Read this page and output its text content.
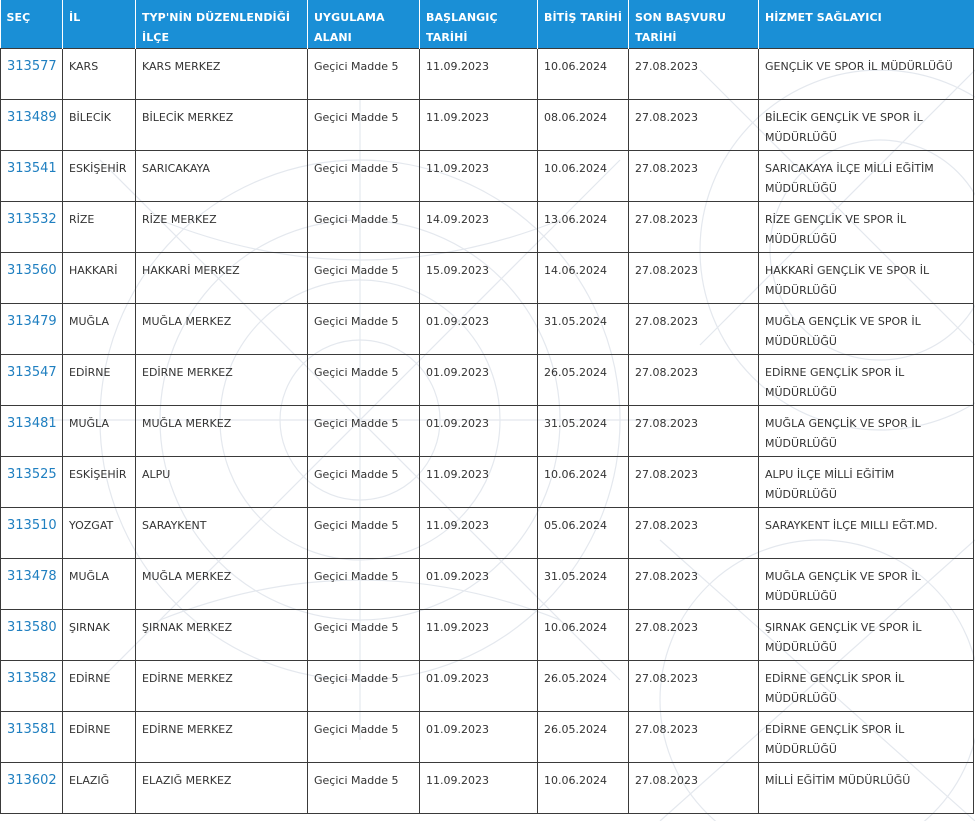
SEÇ	İL	TYP'NİN DÜZENLENDİĞİ İLÇE	UYGULAMA ALANI	BAŞLANGIÇ TARİHİ	BİTİŞ TARİHİ	SON BAŞVURU TARİHİ	HİZMET SAĞLAYICI
313577	KARS	KARS MERKEZ	Geçici Madde 5	11.09.2023	10.06.2024	27.08.2023	GENÇLİK VE SPOR İL MÜDÜRLÜĞÜ
313489	BİLECİK	BİLECİK MERKEZ	Geçici Madde 5	11.09.2023	08.06.2024	27.08.2023	BİLECİK GENÇLİK VE SPOR İL MÜDÜRLÜĞÜ
313541	ESKİŞEHİR	SARICAKAYA	Geçici Madde 5	11.09.2023	10.06.2024	27.08.2023	SARICAKAYA İLÇE MİLLİ EĞİTİM MÜDÜRLÜĞÜ
313532	RİZE	RİZE MERKEZ	Geçici Madde 5	14.09.2023	13.06.2024	27.08.2023	RİZE GENÇLİK VE SPOR İL MÜDÜRLÜĞÜ
313560	HAKKARİ	HAKKARİ MERKEZ	Geçici Madde 5	15.09.2023	14.06.2024	27.08.2023	HAKKARİ GENÇLİK VE SPOR İL MÜDÜRLÜĞÜ
313479	MUĞLA	MUĞLA MERKEZ	Geçici Madde 5	01.09.2023	31.05.2024	27.08.2023	MUĞLA GENÇLİK VE SPOR İL MÜDÜRLÜĞÜ
313547	EDİRNE	EDİRNE MERKEZ	Geçici Madde 5	01.09.2023	26.05.2024	27.08.2023	EDİRNE GENÇLİK SPOR İL MÜDÜRLÜĞÜ
313481	MUĞLA	MUĞLA MERKEZ	Geçici Madde 5	01.09.2023	31.05.2024	27.08.2023	MUĞLA GENÇLİK VE SPOR İL MÜDÜRLÜĞÜ
313525	ESKİŞEHİR	ALPU	Geçici Madde 5	11.09.2023	10.06.2024	27.08.2023	ALPU İLÇE MİLLİ EĞİTİM MÜDÜRLÜĞÜ
313510	YOZGAT	SARAYKENT	Geçici Madde 5	11.09.2023	05.06.2024	27.08.2023	SARAYKENT İLÇE MILLI EĞT.MD.
313478	MUĞLA	MUĞLA MERKEZ	Geçici Madde 5	01.09.2023	31.05.2024	27.08.2023	MUĞLA GENÇLİK VE SPOR İL MÜDÜRLÜĞÜ
313580	ŞIRNAK	ŞIRNAK MERKEZ	Geçici Madde 5	11.09.2023	10.06.2024	27.08.2023	ŞIRNAK GENÇLİK VE SPOR İL MÜDÜRLÜĞÜ
313582	EDİRNE	EDİRNE MERKEZ	Geçici Madde 5	01.09.2023	26.05.2024	27.08.2023	EDİRNE GENÇLİK SPOR İL MÜDÜRLÜĞÜ
313581	EDİRNE	EDİRNE MERKEZ	Geçici Madde 5	01.09.2023	26.05.2024	27.08.2023	EDİRNE GENÇLİK SPOR İL MÜDÜRLÜĞÜ
313602	ELAZIĞ	ELAZIĞ MERKEZ	Geçici Madde 5	11.09.2023	10.06.2024	27.08.2023	MİLLİ EĞİTİM MÜDÜRLÜĞÜ
